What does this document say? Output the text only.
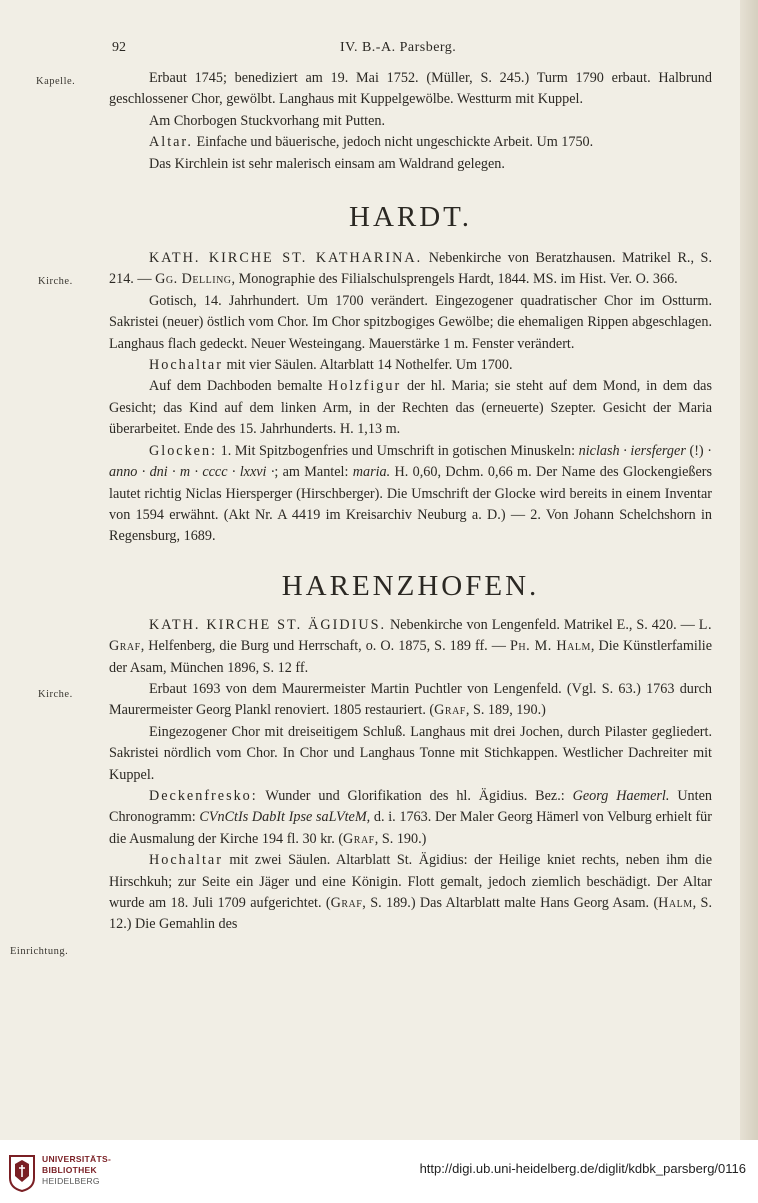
92	IV. B.-A. Parsberg.
Kapelle.
Kirche.
Kirche.
Einrichtung.

Erbaut 1745; benediziert am 19. Mai 1752. (Müller, S. 245.) Turm 1790 erbaut. Halbrund geschlossener Chor, gewölbt. Langhaus mit Kuppelgewölbe. Westturm mit Kuppel.

Am Chorbogen Stuckvorhang mit Putten.

Altar. Einfache und bäuerische, jedoch nicht ungeschickte Arbeit. Um 1750.

Das Kirchlein ist sehr malerisch einsam am Waldrand gelegen.

HARDT.

KATH. KIRCHE ST. KATHARINA. Nebenkirche von Beratzhausen. Matrikel R., S. 214. — Gg. Delling, Monographie des Filialschulsprengels Hardt, 1844. MS. im Hist. Ver. O. 366.

Gotisch, 14. Jahrhundert. Um 1700 verändert. Eingezogener quadratischer Chor im Ostturm. Sakristei (neuer) östlich vom Chor. Im Chor spitzbogiges Gewölbe; die ehemaligen Rippen abgeschlagen. Langhaus flach gedeckt. Neuer Westeingang. Mauerstärke 1 m. Fenster verändert.

Hochaltar mit vier Säulen. Altarblatt 14 Nothelfer. Um 1700.

Auf dem Dachboden bemalte Holzfigur der hl. Maria; sie steht auf dem Mond, in dem das Gesicht; das Kind auf dem linken Arm, in der Rechten das (erneuerte) Szepter. Gesicht der Maria überarbeitet. Ende des 15. Jahrhunderts. H. 1,13 m.

Glocken: 1. Mit Spitzbogenfries und Umschrift in gotischen Minuskeln: niclash · iersferger (!) · anno · dni · m · cccc · lxxvi ·; am Mantel: maria. H. 0,60, Dchm. 0,66 m. Der Name des Glockengießers lautet richtig Niclas Hiersperger (Hirschberger). Die Umschrift der Glocke wird bereits in einem Inventar von 1594 erwähnt. (Akt Nr. A 4419 im Kreisarchiv Neuburg a. D.) — 2. Von Johann Schelchshorn in Regensburg, 1689.

HARENZHOFEN.

KATH. KIRCHE ST. ÄGIDIUS. Nebenkirche von Lengenfeld. Matrikel E., S. 420. — L. Graf, Helfenberg, die Burg und Herrschaft, o. O. 1875, S. 189 ff. — Ph. M. Halm, Die Künstlerfamilie der Asam, München 1896, S. 12 ff.

Erbaut 1693 von dem Maurermeister Martin Puchtler von Lengenfeld. (Vgl. S. 63.) 1763 durch Maurermeister Georg Plankl renoviert. 1805 restauriert. (Graf, S. 189, 190.)

Eingezogener Chor mit dreiseitigem Schluß. Langhaus mit drei Jochen, durch Pilaster gegliedert. Sakristei nördlich vom Chor. In Chor und Langhaus Tonne mit Stichkappen. Westlicher Dachreiter mit Kuppel.

Deckenfresko: Wunder und Glorifikation des hl. Ägidius. Bez.: Georg Haemerl. Unten Chronogramm: CVnCtIs DabIt Ipse saLVteM, d. i. 1763. Der Maler Georg Hämerl von Velburg erhielt für die Ausmalung der Kirche 194 fl. 30 kr. (Graf, S. 190.)

Hochaltar mit zwei Säulen. Altarblatt St. Ägidius: der Heilige kniet rechts, neben ihm die Hirschkuh; zur Seite ein Jäger und eine Königin. Flott gemalt, jedoch ziemlich beschädigt. Der Altar wurde am 18. Juli 1709 aufgerichtet. (Graf, S. 189.) Das Altarblatt malte Hans Georg Asam. (Halm, S. 12.) Die Gemahlin des

UNIVERSITÄTS-
BIBLIOTHEK
HEIDELBERG
http://digi.ub.uni-heidelberg.de/diglit/kdbk_parsberg/0116
